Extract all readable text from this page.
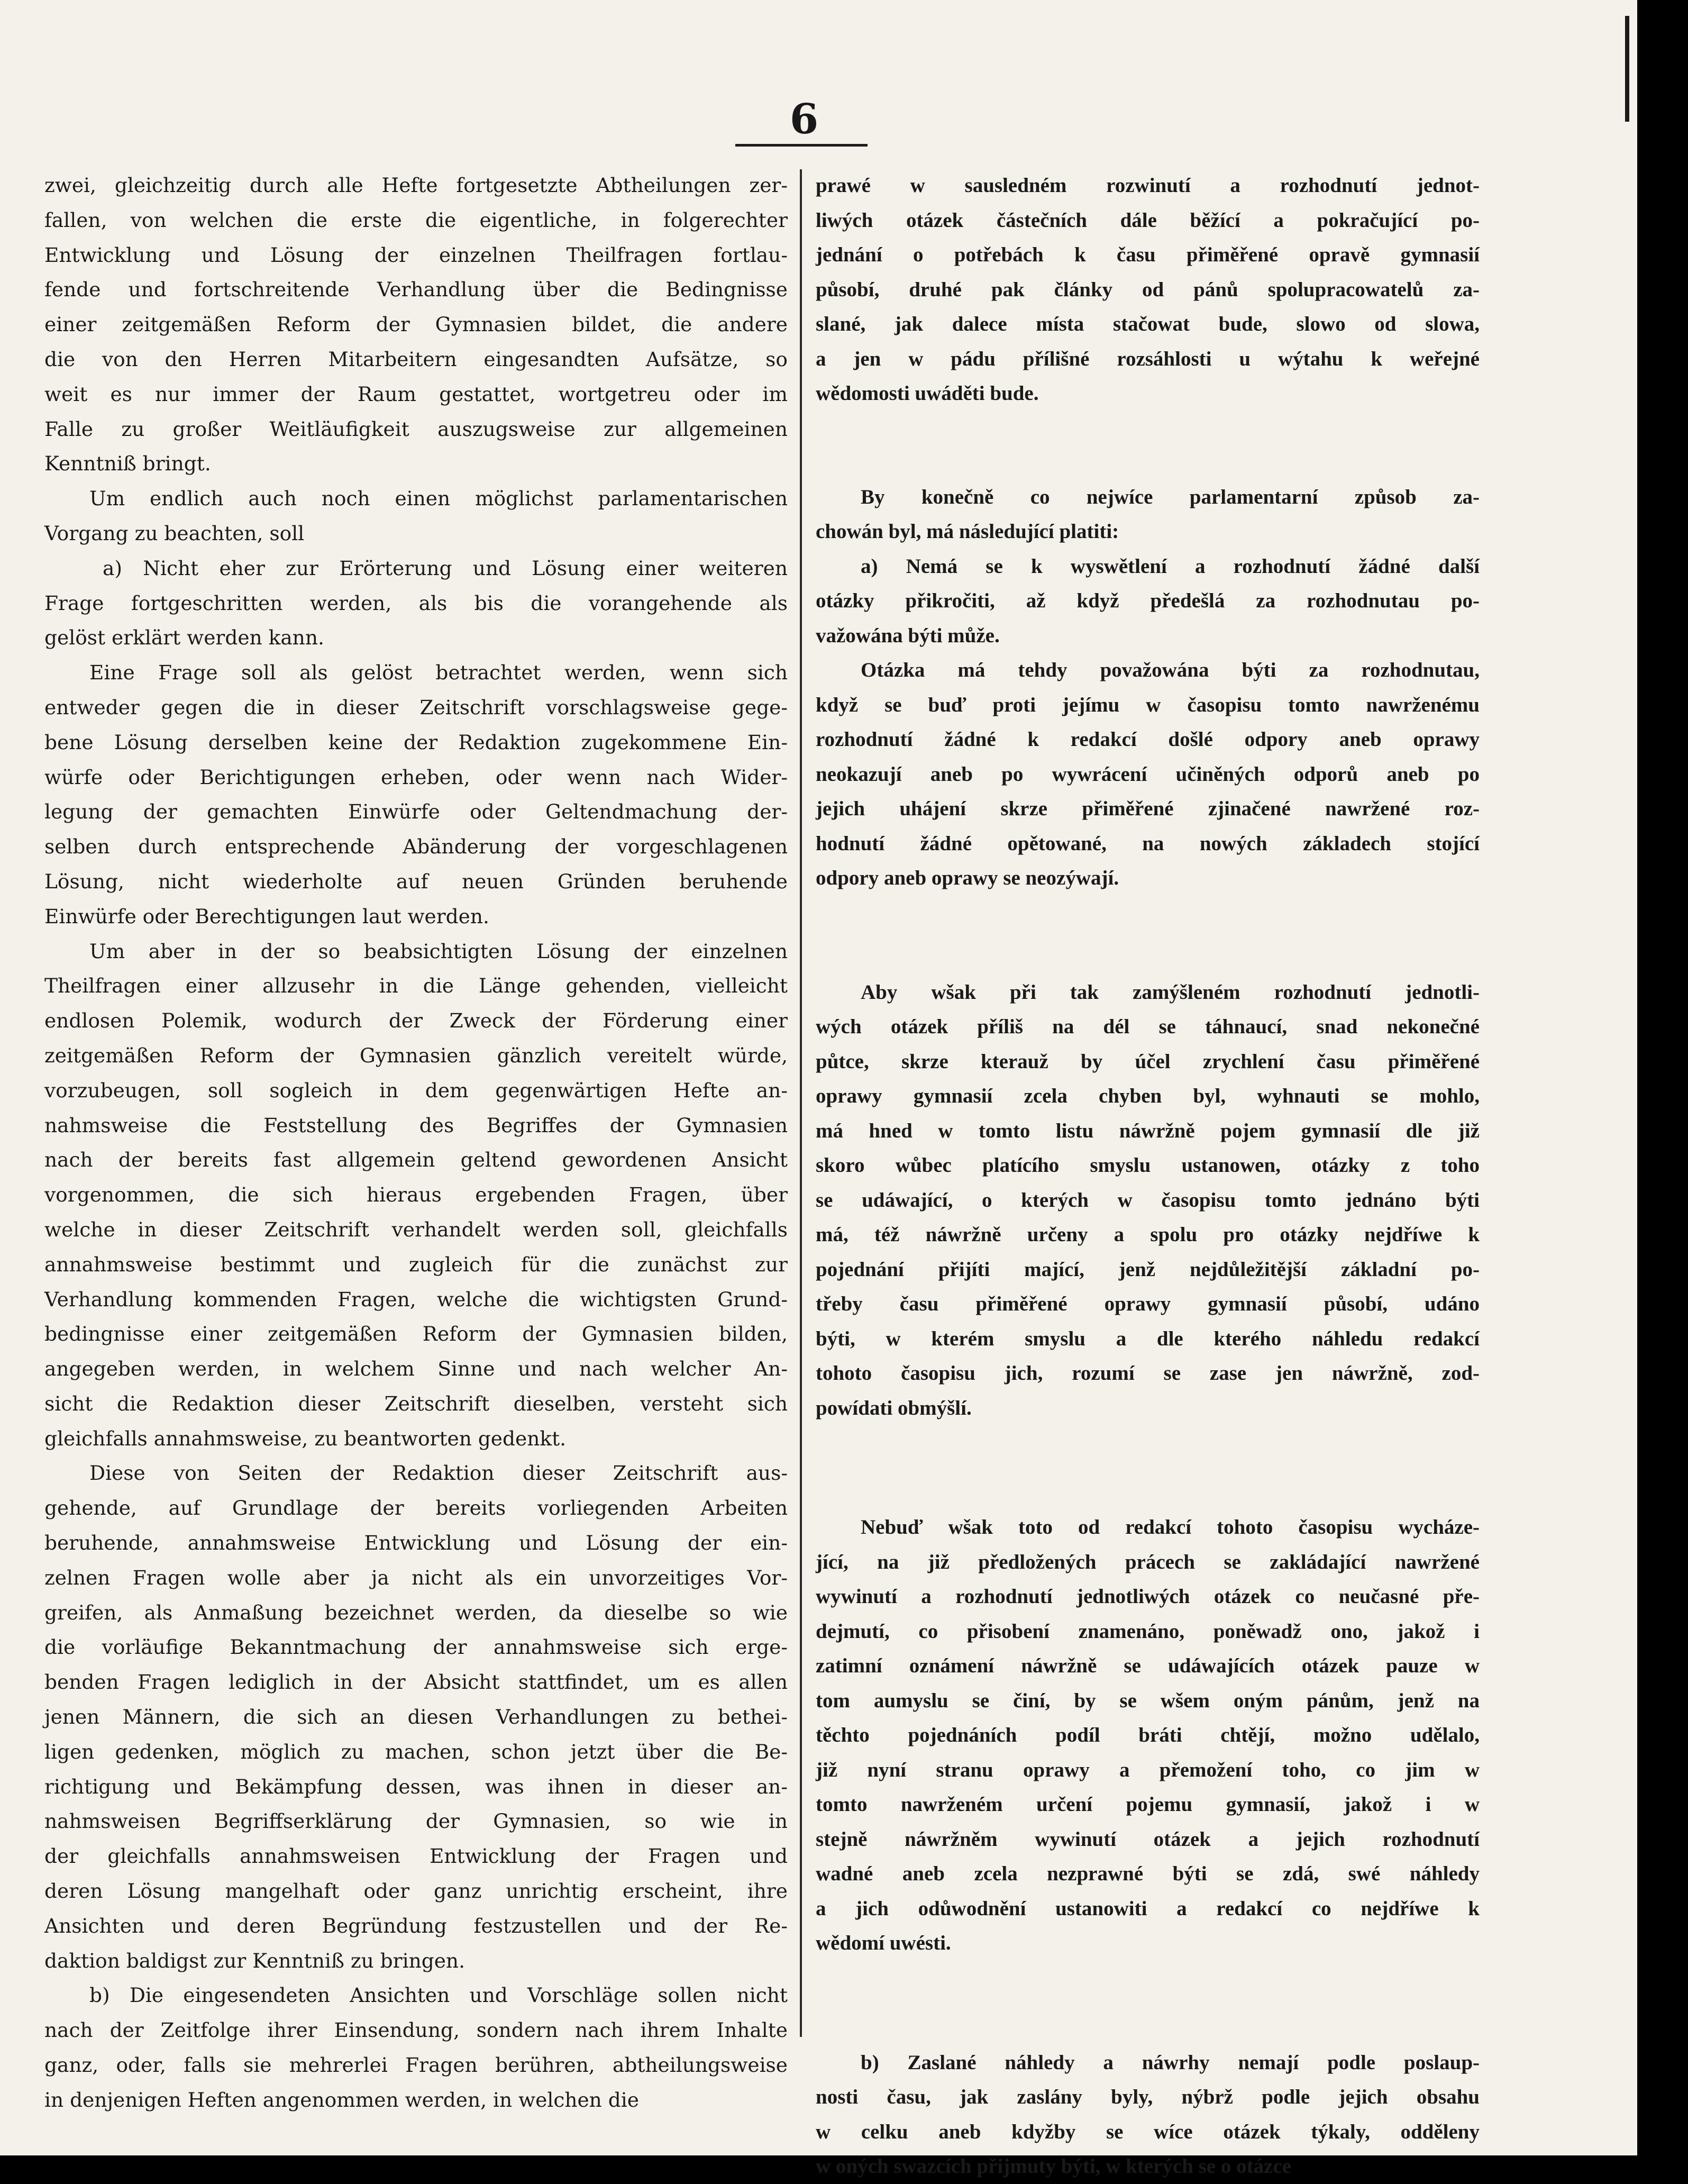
6
zwei, gleichzeitig durch alle Hefte fortgesetzte Abtheilungen zer-
fallen, von welchen die erste die eigentliche, in folgerechter
Entwicklung und Lösung der einzelnen Theilfragen fortlau-
fende und fortschreitende Verhandlung über die Bedingnisse
einer zeitgemäßen Reform der Gymnasien bildet, die andere
die von den Herren Mitarbeitern eingesandten Aufsätze, so
weit es nur immer der Raum gestattet, wortgetreu oder im
Falle zu großer Weitläufigkeit auszugsweise zur allgemeinen
Kenntniß bringt.
Um endlich auch noch einen möglichst parlamentarischen
Vorgang zu beachten, soll
a) Nicht eher zur Erörterung und Lösung einer weiteren
Frage fortgeschritten werden, als bis die vorangehende als
gelöst erklärt werden kann.
Eine Frage soll als gelöst betrachtet werden, wenn sich
entweder gegen die in dieser Zeitschrift vorschlagsweise gege-
bene Lösung derselben keine der Redaktion zugekommene Ein-
würfe oder Berichtigungen erheben, oder wenn nach Wider-
legung der gemachten Einwürfe oder Geltendmachung der-
selben durch entsprechende Abänderung der vorgeschlagenen
Lösung, nicht wiederholte auf neuen Gründen beruhende
Einwürfe oder Berechtigungen laut werden.
Um aber in der so beabsichtigten Lösung der einzelnen
Theilfragen einer allzusehr in die Länge gehenden, vielleicht
endlosen Polemik, wodurch der Zweck der Förderung einer
zeitgemäßen Reform der Gymnasien gänzlich vereitelt würde,
vorzubeugen, soll sogleich in dem gegenwärtigen Hefte an-
nahmsweise die Feststellung des Begriffes der Gymnasien
nach der bereits fast allgemein geltend gewordenen Ansicht
vorgenommen, die sich hieraus ergebenden Fragen, über
welche in dieser Zeitschrift verhandelt werden soll, gleichfalls
annahmsweise bestimmt und zugleich für die zunächst zur
Verhandlung kommenden Fragen, welche die wichtigsten Grund-
bedingnisse einer zeitgemäßen Reform der Gymnasien bilden,
angegeben werden, in welchem Sinne und nach welcher An-
sicht die Redaktion dieser Zeitschrift dieselben, versteht sich
gleichfalls annahmsweise, zu beantworten gedenkt.
Diese von Seiten der Redaktion dieser Zeitschrift aus-
gehende, auf Grundlage der bereits vorliegenden Arbeiten
beruhende, annahmsweise Entwicklung und Lösung der ein-
zelnen Fragen wolle aber ja nicht als ein unvorzeitiges Vor-
greifen, als Anmaßung bezeichnet werden, da dieselbe so wie
die vorläufige Bekanntmachung der annahmsweise sich erge-
benden Fragen lediglich in der Absicht stattfindet, um es allen
jenen Männern, die sich an diesen Verhandlungen zu bethei-
ligen gedenken, möglich zu machen, schon jetzt über die Be-
richtigung und Bekämpfung dessen, was ihnen in dieser an-
nahmsweisen Begriffserklärung der Gymnasien, so wie in
der gleichfalls annahmsweisen Entwicklung der Fragen und
deren Lösung mangelhaft oder ganz unrichtig erscheint, ihre
Ansichten und deren Begründung festzustellen und der Re-
daktion baldigst zur Kenntniß zu bringen.
b) Die eingesendeten Ansichten und Vorschläge sollen nicht
nach der Zeitfolge ihrer Einsendung, sondern nach ihrem Inhalte
ganz, oder, falls sie mehrerlei Fragen berühren, abtheilungsweise
in denjenigen Heften angenommen werden, in welchen die
prawé w sausledném rozwinutí a rozhodnutí jednot-
liwých otázek částečních dále běžící a pokračující po-
jednání o potřebách k času přiměřené opravě gymnasií
působí, druhé pak články od pánů spolupracowatelů za-
slané, jak dalece místa stačowat bude, slowo od slowa,
a jen w pádu přílišné rozsáhlosti u wýtahu k weřejné
wědomosti uwáděti bude.
By konečně co nejwíce parlamentarní způsob za-
chowán byl, má následující platiti:
a) Nemá se k wyswětlení a rozhodnutí žádné další
otázky přikročiti, až když předešlá za rozhodnutau po-
važowána býti může.
Otázka má tehdy považowána býti za rozhodnutau,
když se buď proti jejímu w časopisu tomto nawrženému
rozhodnutí žádné k redakcí došlé odpory aneb oprawy
neokazují aneb po wywrácení učiněných odporů aneb po
jejich uhájení skrze přiměřené zjinačené nawržené roz-
hodnutí žádné opětowané, na nowých základech stojící
odpory aneb oprawy se neozýwají.
Aby wšak při tak zamýšleném rozhodnutí jednotli-
wých otázek příliš na dél se táhnaucí, snad nekonečné
půtce, skrze kterauž by účel zrychlení času přiměřené
oprawy gymnasií zcela chyben byl, wyhnauti se mohlo,
má hned w tomto listu náwržně pojem gymnasií dle již
skoro wůbec platícího smyslu ustanowen, otázky z toho
se udáwající, o kterých w časopisu tomto jednáno býti
má, též náwržně určeny a spolu pro otázky nejdříwe k
pojednání přijíti mající, jenž nejdůležitější základní po-
třeby času přiměřené oprawy gymnasií působí, udáno
býti, w kterém smyslu a dle kterého náhledu redakcí
tohoto časopisu jich, rozumí se zase jen náwržně, zod-
powídati obmýšlí.
Nebuď wšak toto od redakcí tohoto časopisu wycháze-
jící, na již předložených prácech se zakládající nawržené
wywinutí a rozhodnutí jednotliwých otázek co neučasné pře-
dejmutí, co přisobení znamenáno, poněwadž ono, jakož i
zatimní oznámení náwržně se udáwajících otázek pauze w
tom aumyslu se činí, by se wšem oným pánům, jenž na
těchto pojednáních podíl bráti chtějí, možno udělalo,
již nyní stranu oprawy a přemožení toho, co jim w
tomto nawrženém určení pojemu gymnasií, jakož i w
stejně náwržněm wywinutí otázek a jejich rozhodnutí
wadné aneb zcela nezprawné býti se zdá, swé náhledy
a jich odůwodnění ustanowiti a redakcí co nejdříwe k
wědomí uwésti.
b) Zaslané náhledy a náwrhy nemají podle poslaup-
nosti času, jak zaslány byly, nýbrž podle jejich obsahu
w celku aneb kdyžby se wíce otázek týkaly, odděleny
w oných swazcích přijmuty býti, w kterých se o otázce
